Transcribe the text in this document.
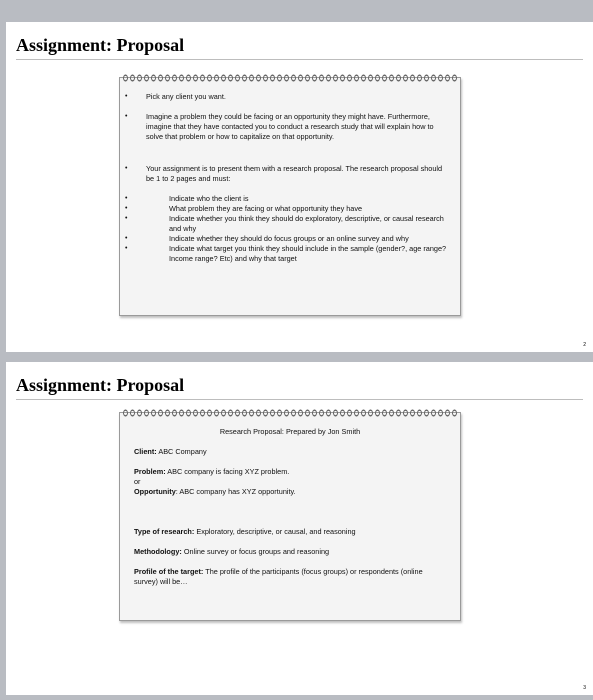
Assignment: Proposal
•	Pick any client you want.
•	Imagine a problem they could be facing or an opportunity they might have. Furthermore, imagine that they have contacted you to conduct a research study that will explain how to solve that problem or how to capitalize on that opportunity.
•	Your assignment is to present them with a research proposal. The research proposal should be 1 to 2 pages and must:
•	Indicate who the client is
•	What problem they are facing or what opportunity they have
•	Indicate whether you think they should do exploratory, descriptive, or causal research and why
•	Indicate whether they should do focus groups or an online survey and why
•	Indicate what target you think they should include in the sample (gender?, age range? Income range? Etc) and why that target
2
Assignment: Proposal
Research Proposal: Prepared by Jon Smith
Client: ABC Company
Problem: ABC company is facing XYZ problem.
or
Opportunity: ABC company has XYZ opportunity.
Type of research: Exploratory, descriptive, or causal, and reasoning
Methodology: Online survey or focus groups and reasoning
Profile of the target: The profile of the participants (focus groups) or respondents (online survey) will be…
3
